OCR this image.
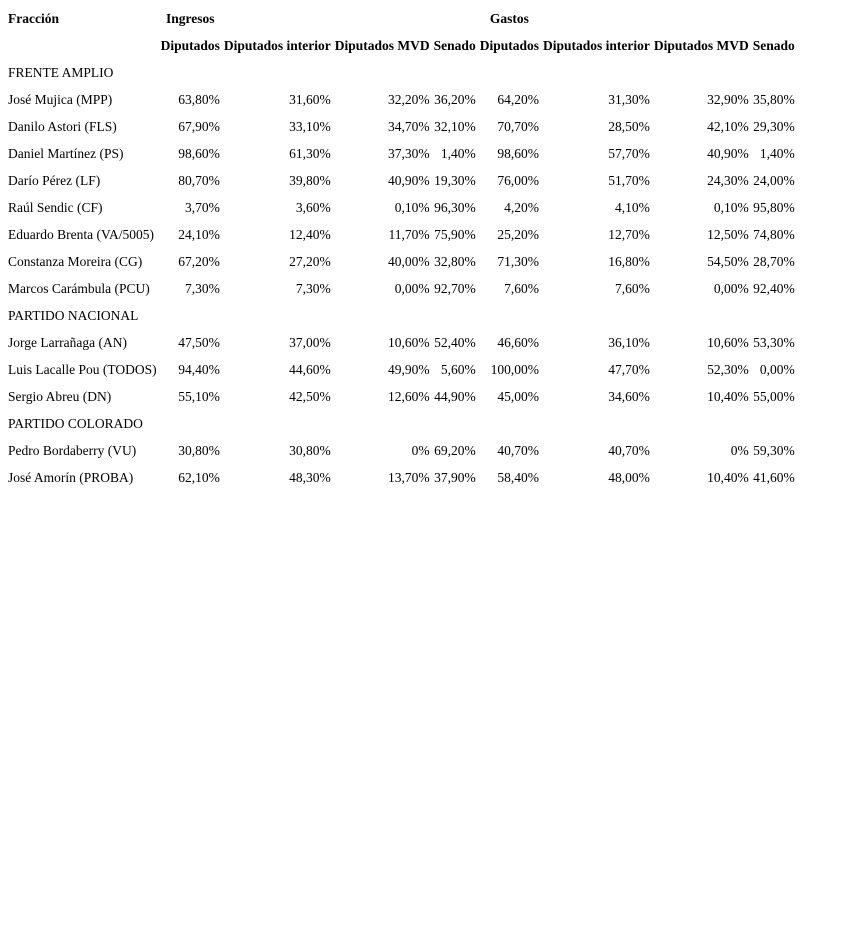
Fracción	Ingresos	Gastos						
	Diputados	Diputados interior	Diputados MVD	Senado	Diputados	Diputados interior	Diputados MVD	Senado
FRENTE AMPLIO								
José Mujica (MPP)	63,80%	31,60%	32,20%	36,20%	64,20%	31,30%	32,90%	35,80%
Danilo Astori (FLS)	67,90%	33,10%	34,70%	32,10%	70,70%	28,50%	42,10%	29,30%
Daniel Martínez (PS)	98,60%	61,30%	37,30%	1,40%	98,60%	57,70%	40,90%	1,40%
Darío Pérez (LF)	80,70%	39,80%	40,90%	19,30%	76,00%	51,70%	24,30%	24,00%
Raúl Sendic (CF)	3,70%	3,60%	0,10%	96,30%	4,20%	4,10%	0,10%	95,80%
Eduardo Brenta (VA/5005)	24,10%	12,40%	11,70%	75,90%	25,20%	12,70%	12,50%	74,80%
Constanza Moreira (CG)	67,20%	27,20%	40,00%	32,80%	71,30%	16,80%	54,50%	28,70%
Marcos Carámbula (PCU)	7,30%	7,30%	0,00%	92,70%	7,60%	7,60%	0,00%	92,40%
PARTIDO NACIONAL								
Jorge Larrañaga (AN)	47,50%	37,00%	10,60%	52,40%	46,60%	36,10%	10,60%	53,30%
Luis Lacalle Pou (TODOS)	94,40%	44,60%	49,90%	5,60%	100,00%	47,70%	52,30%	0,00%
Sergio Abreu (DN)	55,10%	42,50%	12,60%	44,90%	45,00%	34,60%	10,40%	55,00%
PARTIDO COLORADO								
Pedro Bordaberry (VU)	30,80%	30,80%	0%	69,20%	40,70%	40,70%	0%	59,30%
José Amorín (PROBA)	62,10%	48,30%	13,70%	37,90%	58,40%	48,00%	10,40%	41,60%
